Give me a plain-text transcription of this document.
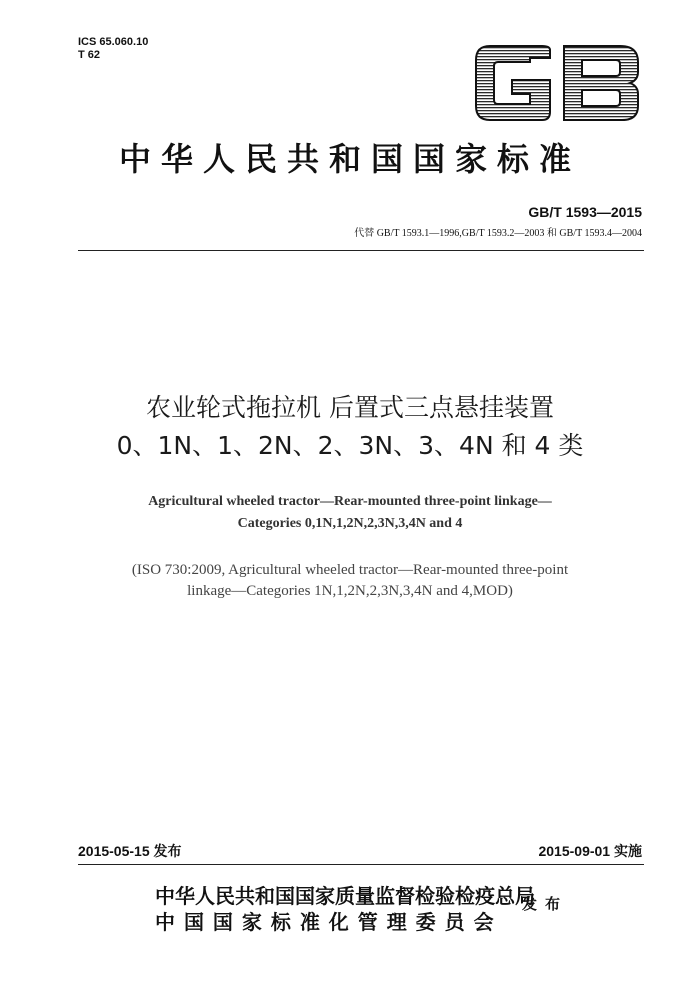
ICS 65.060.10
T 62
中华人民共和国国家标准
GB/T 1593—2015
代替 GB/T 1593.1—1996,GB/T 1593.2—2003 和 GB/T 1593.4—2004
农业轮式拖拉机 后置式三点悬挂装置
0、1N、1、2N、2、3N、3、4N 和 4 类
Agricultural wheeled tractor—Rear-mounted three-point linkage—
Categories 0,1N,1,2N,2,3N,3,4N and 4
(ISO 730:2009, Agricultural wheeled tractor—Rear-mounted three-point
linkage—Categories 1N,1,2N,2,3N,3,4N and 4,MOD)
2015-05-15 发布	2015-09-01 实施
中华人民共和国国家质量监督检验检疫总局
中 国 国 家 标 准 化 管 理 委 员 会
发布
